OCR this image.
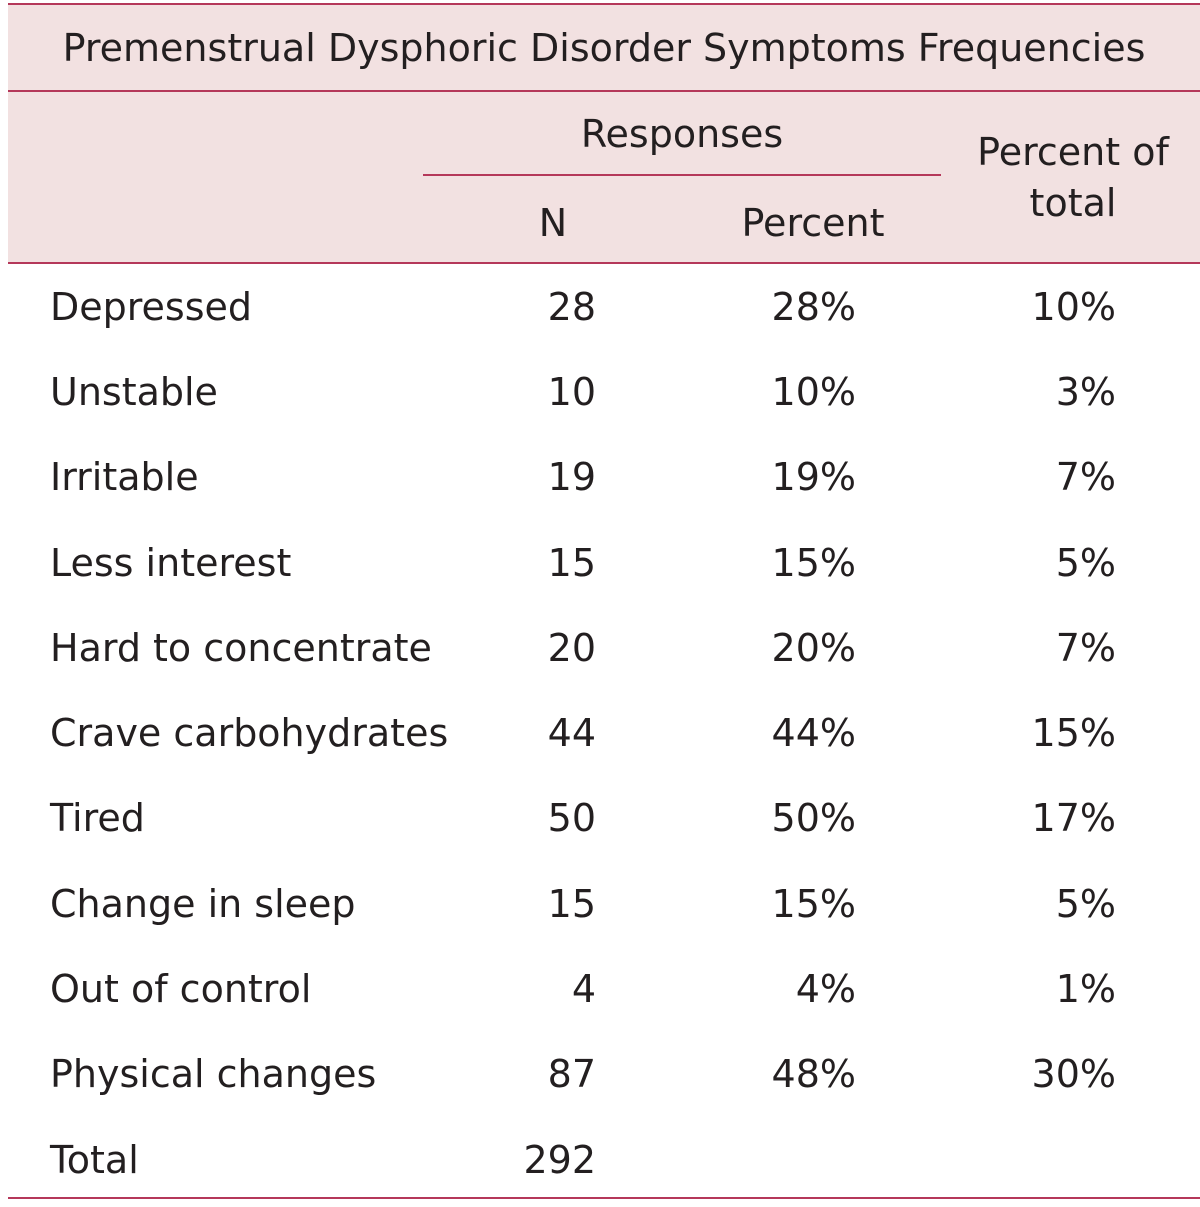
Premenstrual Dysphoric Disorder Symptoms Frequencies
Responses
N	Percent
Percent of
total
Depressed	28	28%	10%
Unstable	10	10%	3%
Irritable	19	19%	7%
Less interest	15	15%	5%
Hard to concentrate	20	20%	7%
Crave carbohydrates	44	44%	15%
Tired	50	50%	17%
Change in sleep	15	15%	5%
Out of control	4	4%	1%
Physical changes	87	48%	30%
Total	292
